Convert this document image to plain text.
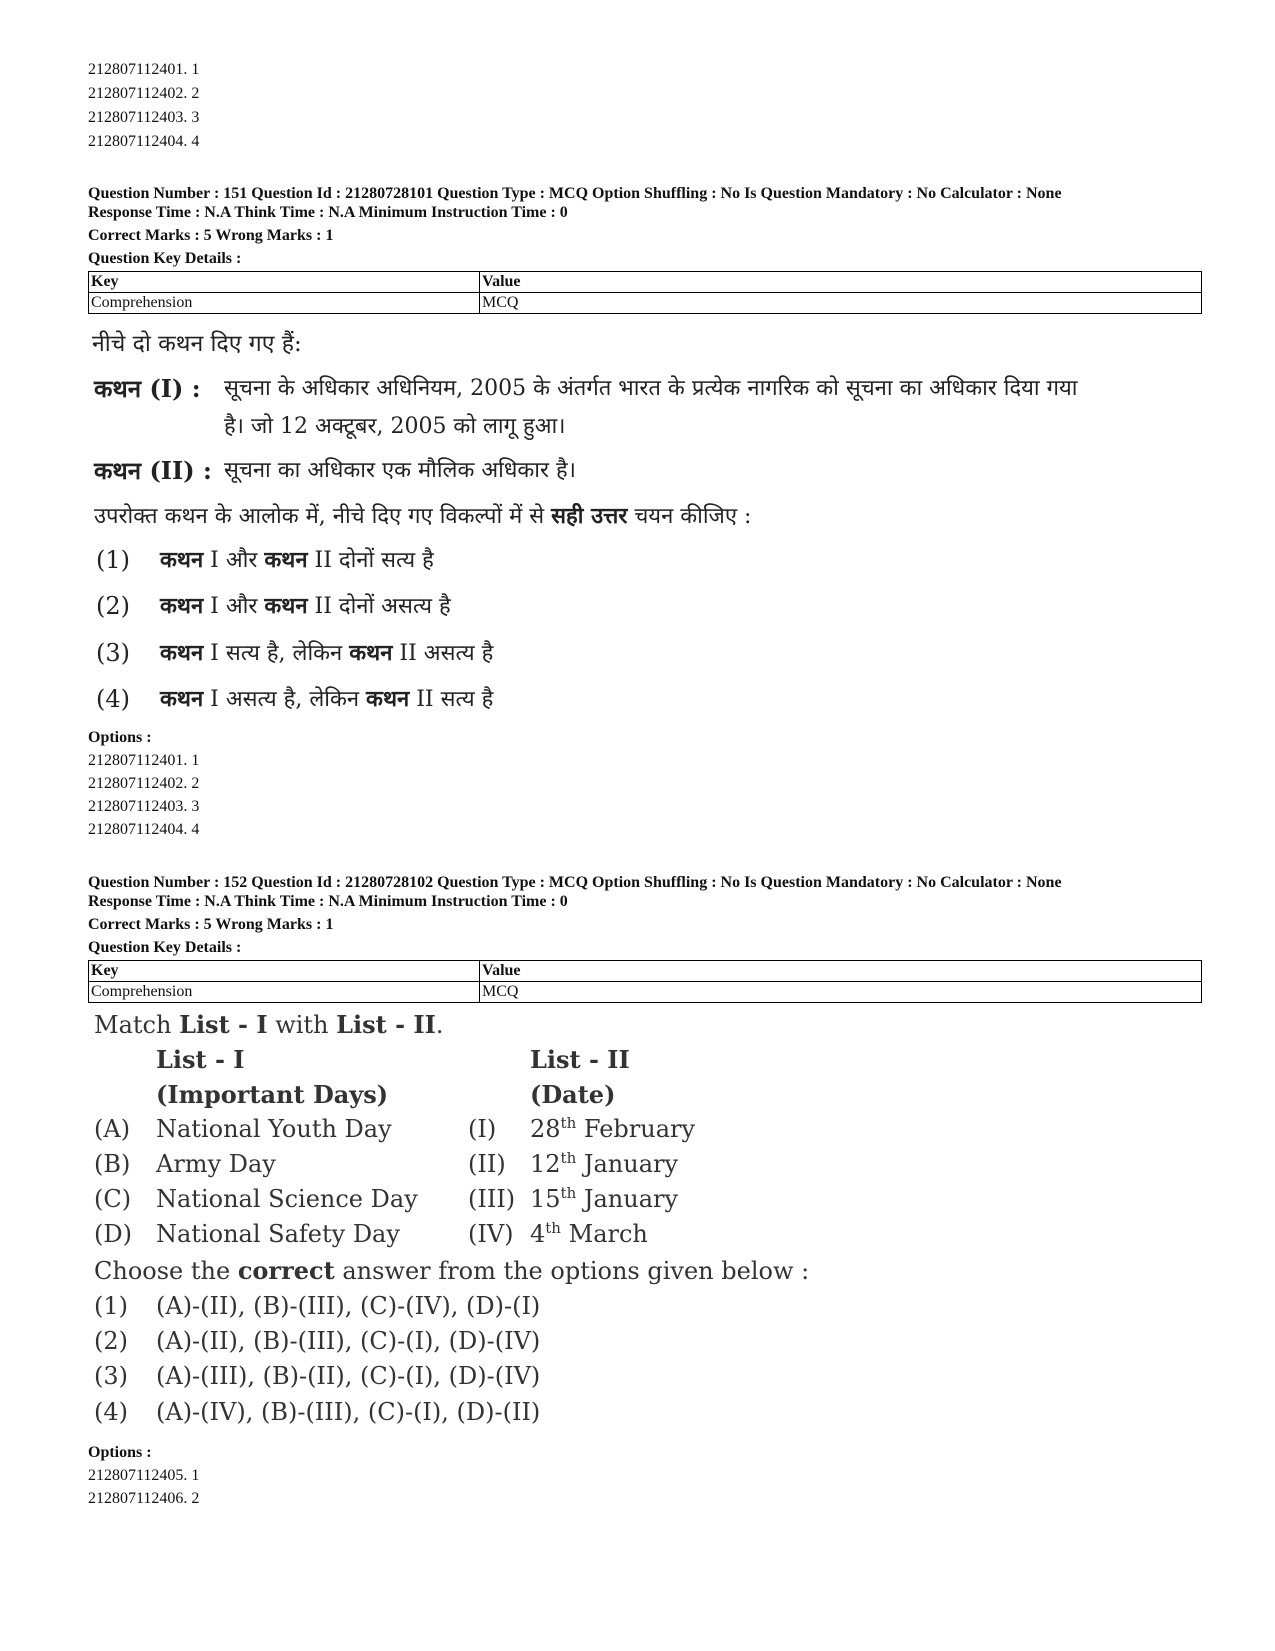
212807112401. 1
212807112402. 2
212807112403. 3
212807112404. 4
Question Number : 151 Question Id : 21280728101 Question Type : MCQ Option Shuffling : No Is Question Mandatory : No Calculator : None
Response Time : N.A Think Time : N.A Minimum Instruction Time : 0
Correct Marks : 5 Wrong Marks : 1
Question Key Details :
Key	Value
Comprehension	MCQ
नीचे दो कथन दिए गए हैं:
कथन (I) : सूचना के अधिकार अधिनियम, 2005 के अंतर्गत भारत के प्रत्येक नागरिक को सूचना का अधिकार दिया गया
है। जो 12 अक्टूबर, 2005 को लागू हुआ।
कथन (II) : सूचना का अधिकार एक मौलिक अधिकार है।
उपरोक्त कथन के आलोक में, नीचे दिए गए विकल्पों में से सही उत्तर चयन कीजिए :
(1) कथन I और कथन II दोनों सत्य है
(2) कथन I और कथन II दोनों असत्य है
(3) कथन I सत्य है, लेकिन कथन II असत्य है
(4) कथन I असत्य है, लेकिन कथन II सत्य है
Options :
212807112401. 1
212807112402. 2
212807112403. 3
212807112404. 4
Question Number : 152 Question Id : 21280728102 Question Type : MCQ Option Shuffling : No Is Question Mandatory : No Calculator : None
Response Time : N.A Think Time : N.A Minimum Instruction Time : 0
Correct Marks : 5 Wrong Marks : 1
Question Key Details :
Key	Value
Comprehension	MCQ
Match List - I with List - II.
List - I	List - II
(Important Days)	(Date)
(A) National Youth Day	(I) 28th February
(B) Army Day	(II) 12th January
(C) National Science Day (III) 15th January
(D) National Safety Day	(IV) 4th March
Choose the correct answer from the options given below :
(1) (A)-(II), (B)-(III), (C)-(IV), (D)-(I)
(2) (A)-(II), (B)-(III), (C)-(I), (D)-(IV)
(3) (A)-(III), (B)-(II), (C)-(I), (D)-(IV)
(4) (A)-(IV), (B)-(III), (C)-(I), (D)-(II)
Options :
212807112405. 1
212807112406. 2
